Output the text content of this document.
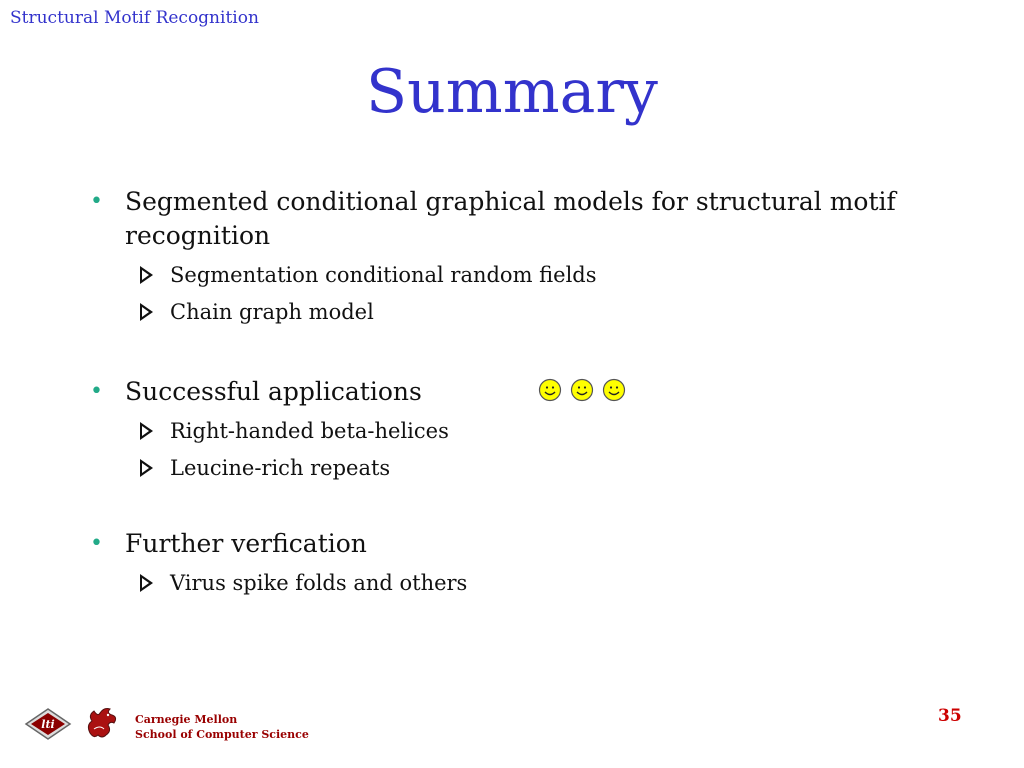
Structural Motif Recognition
Summary
• Segmented conditional graphical models for structural motif recognition
Segmentation conditional random fields
Chain graph model
• Successful applications
Right-handed beta-helices
Leucine-rich repeats
• Further verfication
Virus spike folds and others
lti	Carnegie Mellon
School of Computer Science
35
